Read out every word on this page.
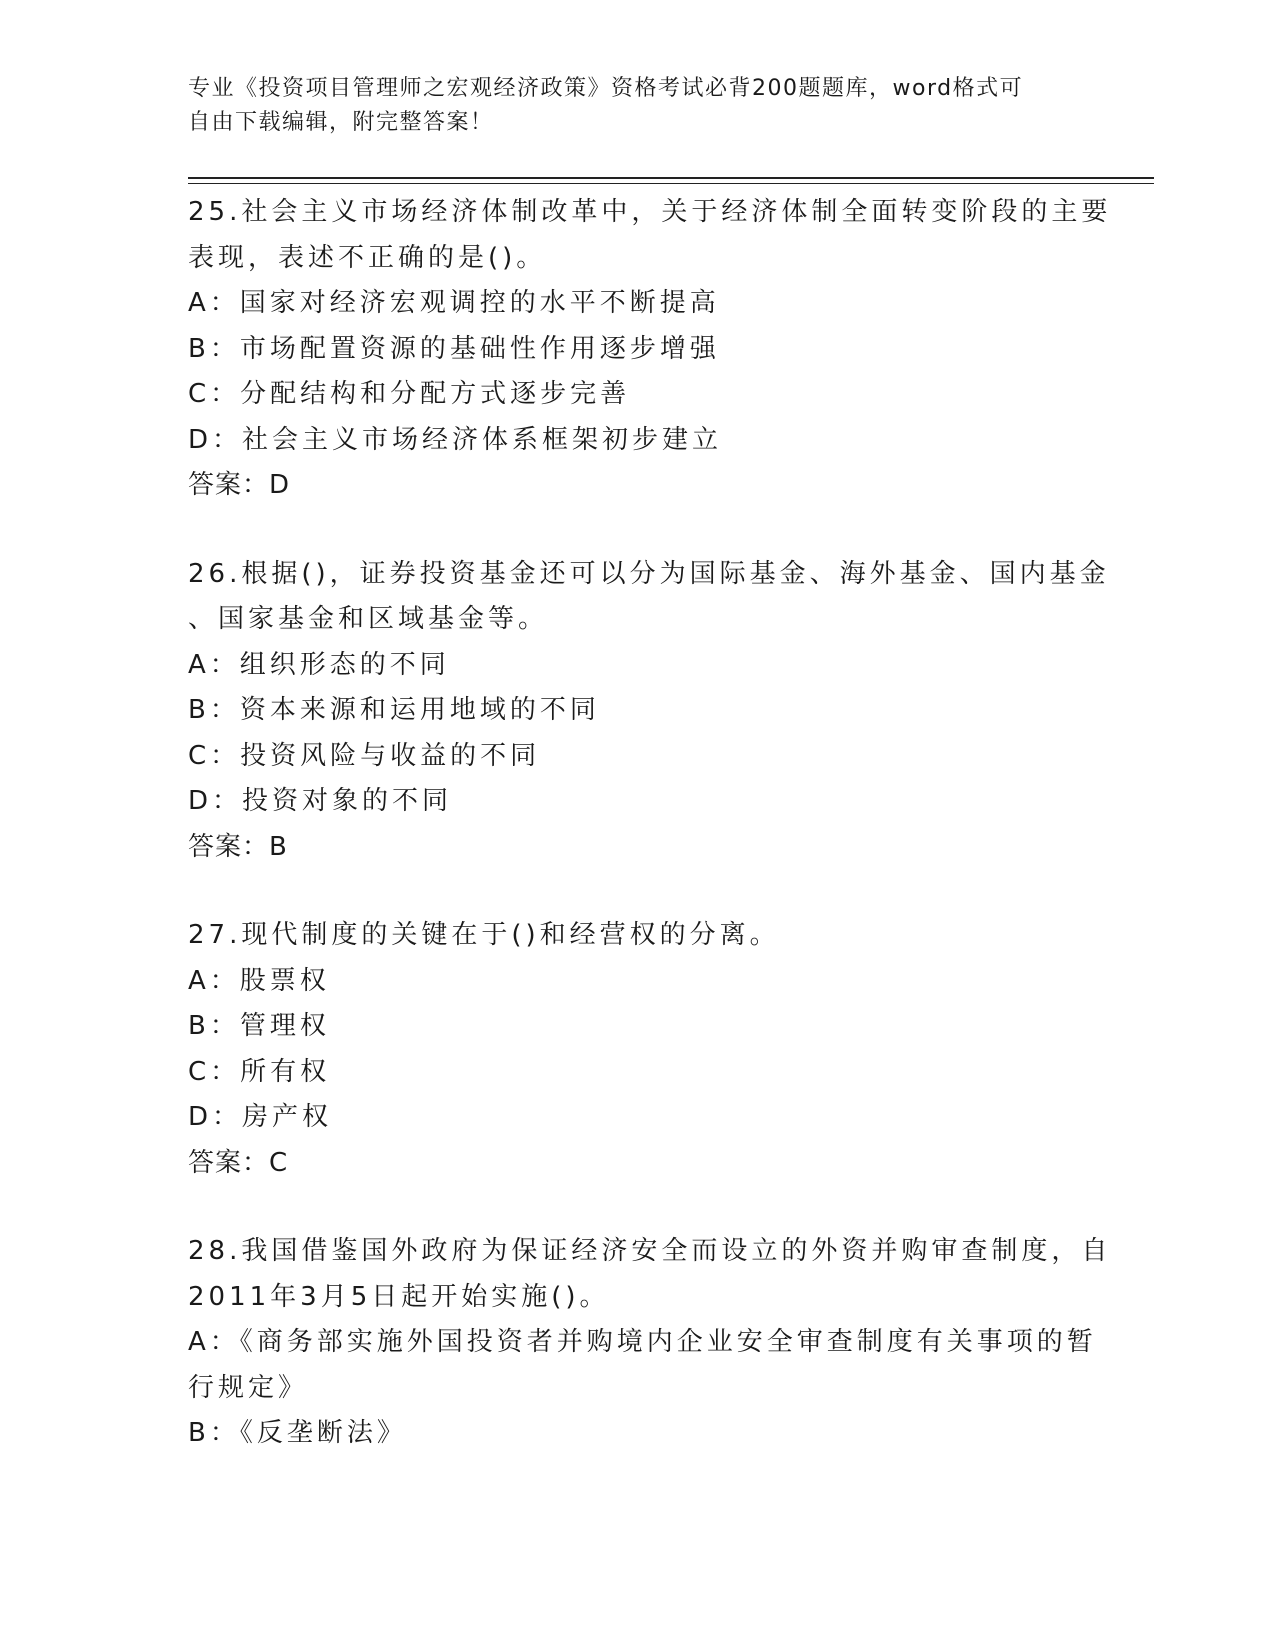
专业《投资项目管理师之宏观经济政策》资格考试必背200题题库，word格式可
自由下载编辑，附完整答案！
25.社会主义市场经济体制改革中，关于经济体制全面转变阶段的主要
表现，表述不正确的是()。
A：国家对经济宏观调控的水平不断提高
B：市场配置资源的基础性作用逐步增强
C：分配结构和分配方式逐步完善
D：社会主义市场经济体系框架初步建立
答案：D
26.根据()，证券投资基金还可以分为国际基金、海外基金、国内基金
、国家基金和区域基金等。
A：组织形态的不同
B：资本来源和运用地域的不同
C：投资风险与收益的不同
D：投资对象的不同
答案：B
27.现代制度的关键在于()和经营权的分离。
A：股票权
B：管理权
C：所有权
D：房产权
答案：C
28.我国借鉴国外政府为保证经济安全而设立的外资并购审查制度，自
2011年3月5日起开始实施()。
A：《商务部实施外国投资者并购境内企业安全审查制度有关事项的暂
行规定》
B：《反垄断法》
